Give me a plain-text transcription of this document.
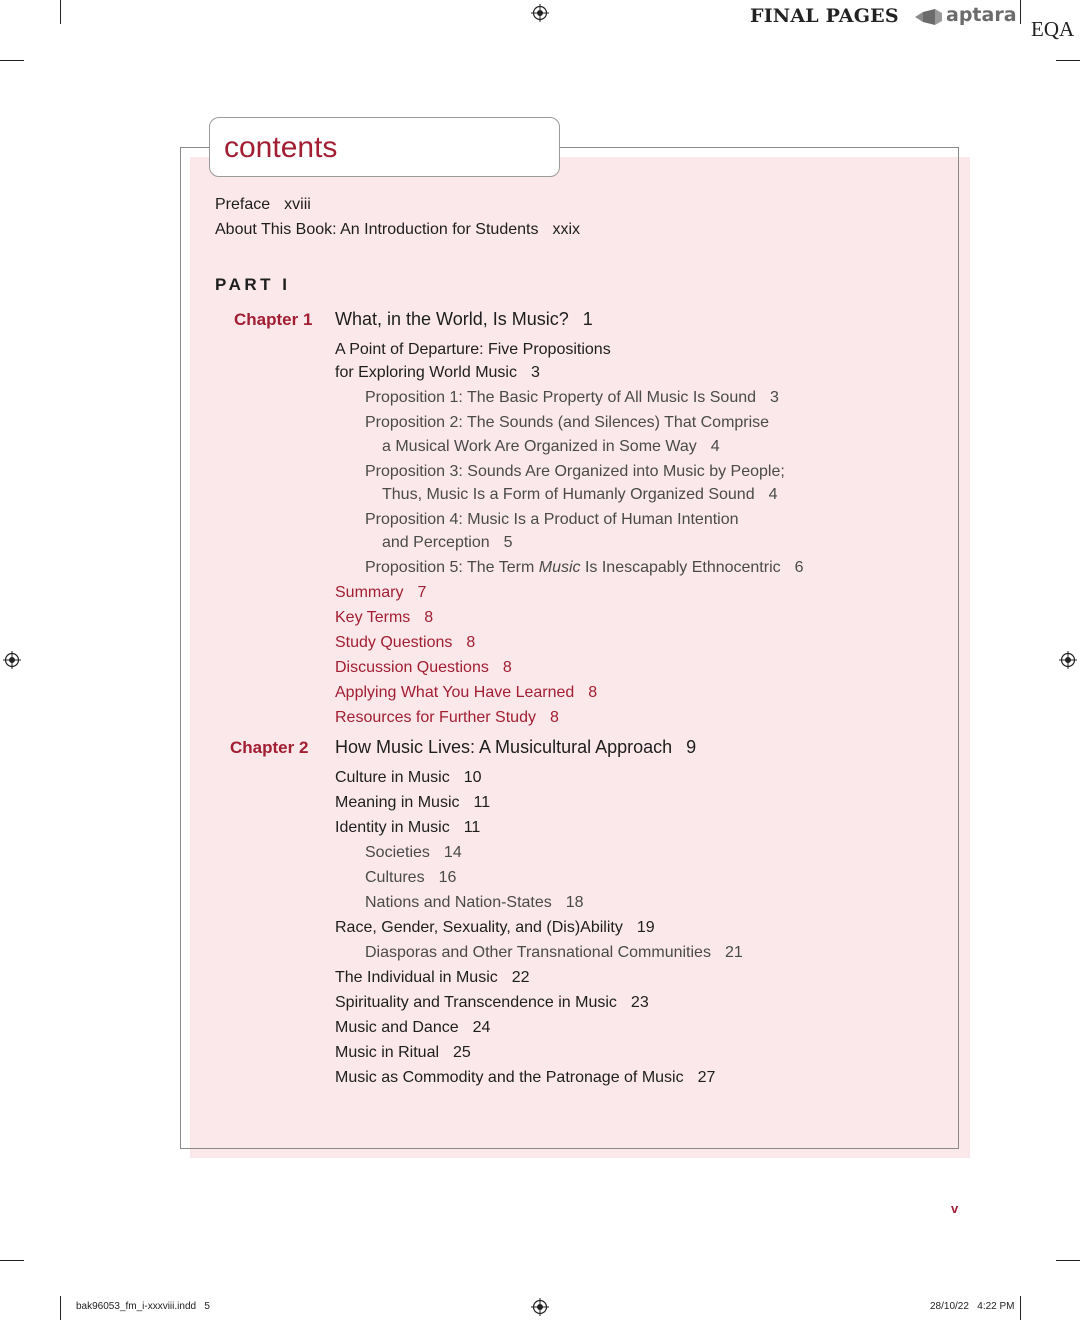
FINAL PAGES aptara
EQA
contents
Preface xviii
About This Book: An Introduction for Students xxix
PART I
Chapter 1 What, in the World, Is Music? 1
A Point of Departure: Five Propositions
for Exploring World Music 3
Proposition 1: The Basic Property of All Music Is Sound 3
Proposition 2: The Sounds (and Silences) That Comprise
a Musical Work Are Organized in Some Way 4
Proposition 3: Sounds Are Organized into Music by People;
Thus, Music Is a Form of Humanly Organized Sound 4
Proposition 4: Music Is a Product of Human Intention
and Perception 5
Proposition 5: The Term Music Is Inescapably Ethnocentric 6
Summary 7
Key Terms 8
Study Questions 8
Discussion Questions 8
Applying What You Have Learned 8
Resources for Further Study 8
Chapter 2 How Music Lives: A Musicultural Approach 9
Culture in Music 10
Meaning in Music 11
Identity in Music 11
Societies 14
Cultures 16
Nations and Nation-States 18
Race, Gender, Sexuality, and (Dis)Ability 19
Diasporas and Other Transnational Communities 21
The Individual in Music 22
Spirituality and Transcendence in Music 23
Music and Dance 24
Music in Ritual 25
Music as Commodity and the Patronage of Music 27
v
bak96053_fm_i-xxxviii.indd   5	28/10/22   4:22 PM
